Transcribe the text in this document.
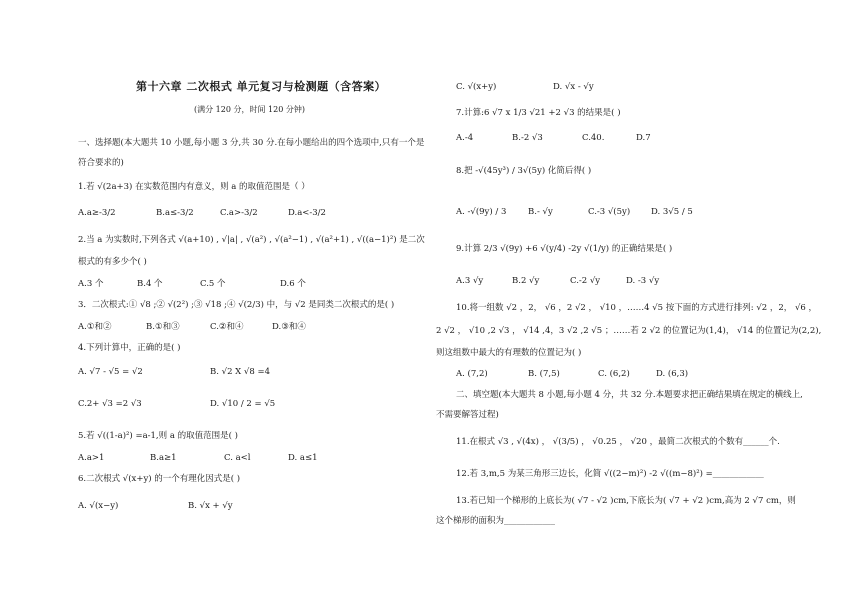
第十六章 二次根式 单元复习与检测题（含答案）
(满分 120 分，时间 120 分钟)
一、选择题(本大题共 10 小题,每小题 3 分,共 30 分.在每小题给出的四个选项中,只有一个是
符合要求的)
1.若 √(2a+3) 在实数范围内有意义，则 a 的取值范围是（ ）
A.a≥-3/2	B.a≤-3/2	C.a>-3/2	D.a<-3/2
2.当 a 为实数时,下列各式 √(a+10) , √|a| , √(a²) , √(a²−1) , √(a²+1) , √((a−1)²) 是二次
根式的有多少个( )
A.3 个	B.4 个	C.5 个	D.6 个
3．二次根式:① √8 ;② √(2²) ;③ √18 ;④ √(2/3) 中，与 √2 是同类二次根式的是( )
A.①和②	B.①和③	C.②和④	D.③和④
4.下列计算中，正确的是( )
A. √7 - √5 = √2	B. √2 X √8 =4
C.2+ √3 =2 √3	D. √10 / 2 = √5
5.若 √((1-a)²) =a-1,则 a 的取值范围是( )
A.a>1	B.a≥1	C. a<l	D. a≤1
6.二次根式 √(x+y) 的一个有理化因式是( )
A. √(x−y)	B. √x + √y
C. √(x+y)	D. √x - √y
7.计算:6 √7 x 1/3 √21 +2 √3 的结果是( )
A.-4	B.-2 √3	C.40.	D.7
8.把 -√(45y³) / 3√(5y) 化简后得( )
A. -√(9y) / 3	B.- √y	C.-3 √(5y) D. 3√5 / 5
9.计算 2/3 √(9y) +6 √(y/4) -2y √(1/y) 的正确结果是( )
A.3 √y	B.2 √y	C.-2 √y	D. -3 √y
10.将一组数 √2 ，2， √6 ，2 √2 ， √10 ，……4 √5 按下面的方式进行排列: √2 ，2， √6 ，
2 √2 ， √10 ,2 √3 ， √14 ,4，3 √2 ,2 √5 ；……若 2 √2 的位置记为(1,4)， √14 的位置记为(2,2),
则这组数中最大的有理数的位置记为( )
A. (7,2)	B. (7,5)	C. (6,2)	D. (6,3)
二、填空题(本大题共 8 小题,每小题 4 分，共 32 分.本题要求把正确结果填在规定的横线上,
不需要解答过程)
11.在根式 √3 , √(4x) ， √(3/5) ， √0.25 ， √20 ，最简二次根式的个数有______个.
12.若 3,m,5 为某三角形三边长，化简 √((2−m)²) -2 √((m−8)²) =____________
13.若已知一个梯形的上底长为( √7 - √2 )cm,下底长为( √7 + √2 )cm,高为 2 √7 cm，则
这个梯形的面积为____________
